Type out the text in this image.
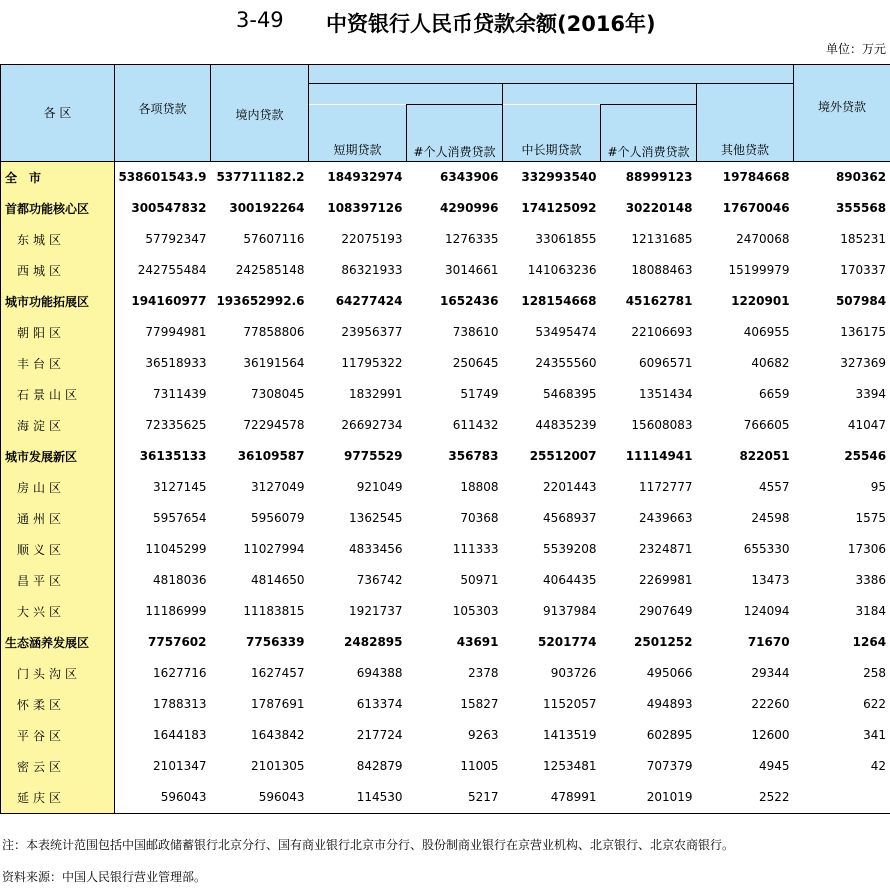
3-49 中资银行人民币贷款余额(2016年)
单位：万元
各 区	各项贷款							
		境内贷款						境外贷款
			短期贷款	#个人消费贷款	中长期贷款	#个人消费贷款	其他贷款	
全　市	538601543.9	537711182.2	184932974	6343906	332993540	88999123	19784668	890362
首都功能核心区	300547832	300192264	108397126	4290996	174125092	30220148	17670046	355568
东城区	57792347	57607116	22075193	1276335	33061855	12131685	2470068	185231
西城区	242755484	242585148	86321933	3014661	141063236	18088463	15199979	170337
城市功能拓展区	194160977	193652992.6	64277424	1652436	128154668	45162781	1220901	507984
朝阳区	77994981	77858806	23956377	738610	53495474	22106693	406955	136175
丰台区	36518933	36191564	11795322	250645	24355560	6096571	40682	327369
石景山区	7311439	7308045	1832991	51749	5468395	1351434	6659	3394
海淀区	72335625	72294578	26692734	611432	44835239	15608083	766605	41047
城市发展新区	36135133	36109587	9775529	356783	25512007	11114941	822051	25546
房山区	3127145	3127049	921049	18808	2201443	1172777	4557	95
通州区	5957654	5956079	1362545	70368	4568937	2439663	24598	1575
顺义区	11045299	11027994	4833456	111333	5539208	2324871	655330	17306
昌平区	4818036	4814650	736742	50971	4064435	2269981	13473	3386
大兴区	11186999	11183815	1921737	105303	9137984	2907649	124094	3184
生态涵养发展区	7757602	7756339	2482895	43691	5201774	2501252	71670	1264
门头沟区	1627716	1627457	694388	2378	903726	495066	29344	258
怀柔区	1788313	1787691	613374	15827	1152057	494893	22260	622
平谷区	1644183	1643842	217724	9263	1413519	602895	12600	341
密云区	2101347	2101305	842879	11005	1253481	707379	4945	42
延庆区	596043	596043	114530	5217	478991	201019	2522	
注：本表统计范围包括中国邮政储蓄银行北京分行、国有商业银行北京市分行、股份制商业银行在京营业机构、北京银行、北京农商银行。
资料来源：中国人民银行营业管理部。
